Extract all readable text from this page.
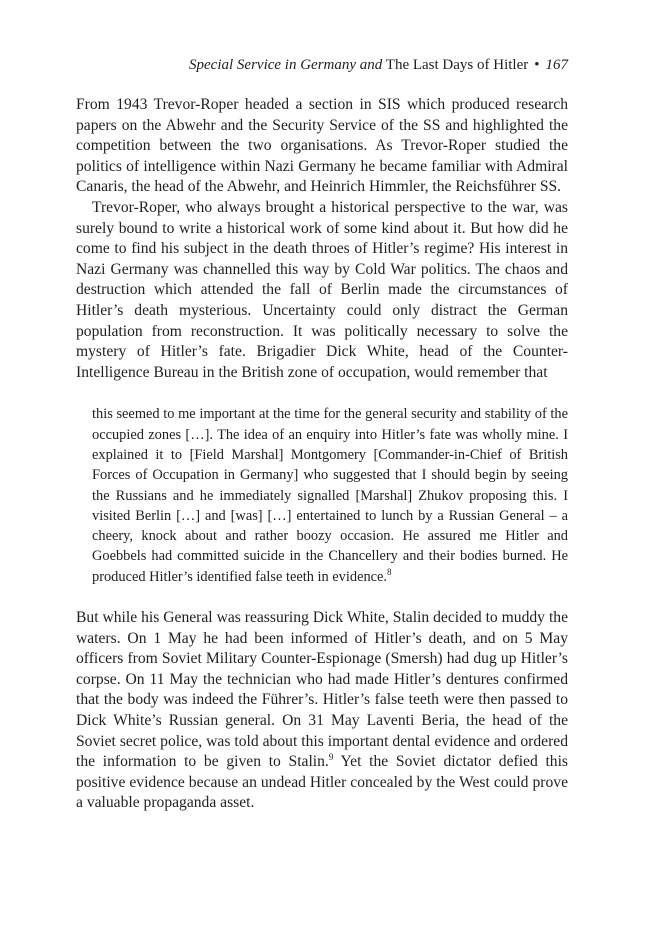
Special Service in Germany and The Last Days of Hitler • 167

From 1943 Trevor-Roper headed a section in SIS which produced research papers on the Abwehr and the Security Service of the SS and highlighted the competition between the two organisations. As Trevor-Roper studied the politics of intelligence within Nazi Germany he became familiar with Admiral Canaris, the head of the Abwehr, and Heinrich Himmler, the Reichsführer SS.

Trevor-Roper, who always brought a historical perspective to the war, was surely bound to write a historical work of some kind about it. But how did he come to find his subject in the death throes of Hitler’s regime? His interest in Nazi Germany was channelled this way by Cold War politics. The chaos and destruction which attended the fall of Berlin made the circumstances of Hitler’s death mysterious. Uncertainty could only distract the German population from reconstruction. It was politically necessary to solve the mystery of Hitler’s fate. Brigadier Dick White, head of the Counter-Intelligence Bureau in the British zone of occupation, would remember that

this seemed to me important at the time for the general security and stability of the occupied zones […]. The idea of an enquiry into Hitler’s fate was wholly mine. I explained it to [Field Marshal] Montgomery [Commander-in-Chief of British Forces of Occupation in Germany] who suggested that I should begin by seeing the Russians and he immediately signalled [Marshal] Zhukov proposing this. I visited Berlin […] and [was] […] entertained to lunch by a Russian General – a cheery, knock about and rather boozy occasion. He assured me Hitler and Goebbels had committed suicide in the Chancellery and their bodies burned. He produced Hitler’s identified false teeth in evidence.$^8$

But while his General was reassuring Dick White, Stalin decided to muddy the waters. On 1 May he had been informed of Hitler’s death, and on 5 May officers from Soviet Military Counter-Espionage (Smersh) had dug up Hitler’s corpse. On 11 May the technician who had made Hitler’s dentures confirmed that the body was indeed the Führer’s. Hitler’s false teeth were then passed to Dick White’s Russian general. On 31 May Laventi Beria, the head of the Soviet secret police, was told about this important dental evidence and ordered the information to be given to Stalin.$^9$ Yet the Soviet dictator defied this positive evidence because an undead Hitler concealed by the West could prove a valuable propaganda asset.
